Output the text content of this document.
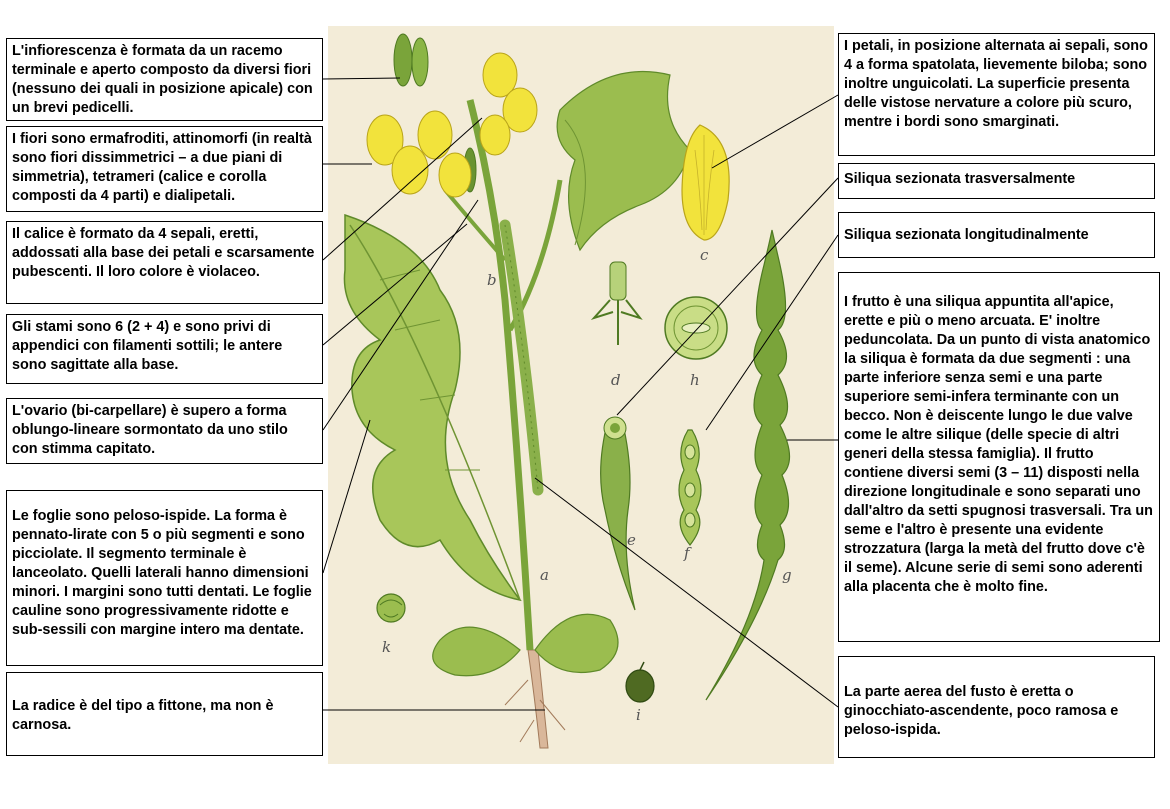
b
c
d	h
e
f
g
a
k
i
L'infiorescenza è formata da un racemo terminale e aperto composto da diversi fiori (nessuno dei quali in posizione apicale) con un brevi pedicelli.
I fiori sono ermafroditi, attinomorfi (in realtà sono fiori dissimmetrici – a due piani di simmetria), tetrameri (calice e corolla composti da 4 parti) e dialipetali.
Il calice è formato da 4 sepali, eretti, addossati alla base dei petali e scarsamente pubescenti. Il loro colore è violaceo.
Gli stami sono 6 (2 + 4) e sono privi di appendici con filamenti sottili; le antere sono sagittate alla base.
L'ovario (bi-carpellare) è supero a forma oblungo-lineare sormontato da uno stilo con stimma capitato.
Le foglie sono peloso-ispide. La forma è pennato-lirate con 5 o più segmenti e sono picciolate. Il segmento terminale è lanceolato. Quelli laterali hanno dimensioni minori. I margini sono tutti dentati. Le foglie cauline sono progressivamente ridotte e sub-sessili con margine intero ma dentate.
La radice è del tipo a fittone, ma non è carnosa.
I petali, in posizione alternata ai sepali, sono 4 a forma spatolata, lievemente biloba; sono inoltre unguicolati. La superficie presenta delle vistose nervature a colore più scuro, mentre i bordi sono smarginati.
Siliqua sezionata trasversalmente
Siliqua sezionata longitudinalmente
I frutto è una siliqua appuntita all'apice, erette e più o meno arcuata. E' inoltre peduncolata. Da un punto di vista anatomico la siliqua è formata da due segmenti : una parte inferiore senza semi e una parte superiore semi-infera terminante con un becco. Non è deiscente lungo le due valve come le altre silique (delle specie di altri generi della stessa famiglia). Il frutto contiene diversi semi (3 – 11) disposti nella direzione longitudinale e sono separati uno dall'altro da setti spugnosi trasversali. Tra un seme e l'altro è presente una evidente strozzatura (larga la metà del frutto dove c'è il seme). Alcune serie di semi sono aderenti alla placenta che è molto fine.
La parte aerea del fusto è eretta o ginocchiato-ascendente, poco ramosa e peloso-ispida.
